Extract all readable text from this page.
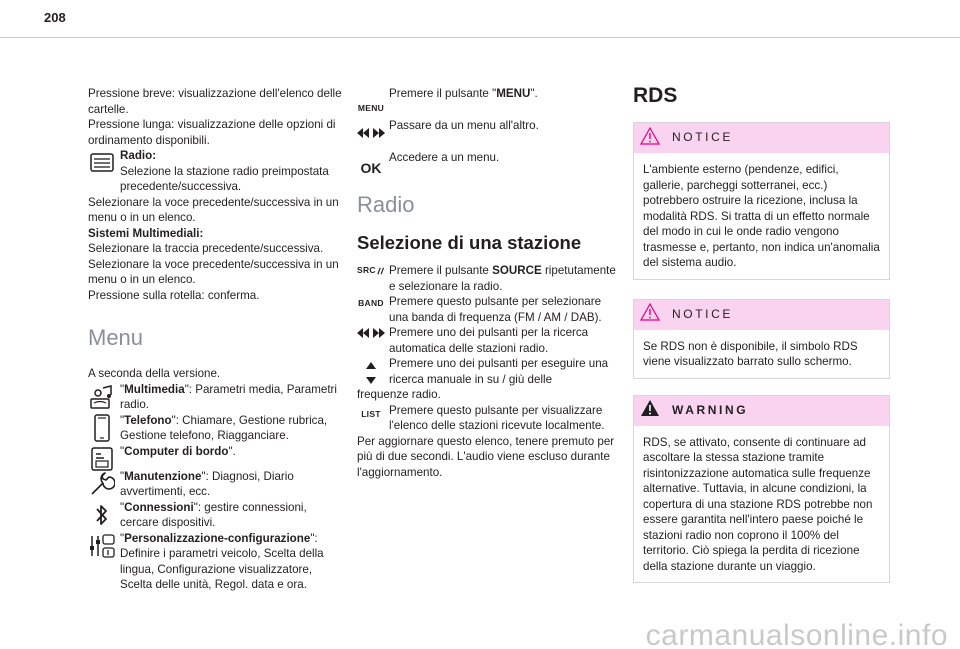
208

Pressione breve: visualizzazione dell'elenco delle cartelle.

Pressione lunga: visualizzazione delle opzioni di ordinamento disponibili.

Radio:

Selezione la stazione radio preimpostata precedente/successiva.

Selezionare la voce precedente/successiva in un menu o in un elenco.

Sistemi Multimediali:

Selezionare la traccia precedente/successiva.

Selezionare la voce precedente/successiva in un menu o in un elenco.

Pressione sulla rotella: conferma.

Menu

A seconda della versione.

"Multimedia": Parametri media, Parametri radio.

"Telefono": Chiamare, Gestione rubrica, Gestione telefono, Riagganciare.

"Computer di bordo".

"Manutenzione": Diagnosi, Diario avvertimenti, ecc.

"Connessioni": gestire connessioni, cercare dispositivi.

"Personalizzazione-configurazione":

Definire i parametri veicolo, Scelta della lingua, Configurazione visualizzatore, Scelta delle unità, Regol. data e ora.

MENU

Premere il pulsante "MENU".

Passare da un menu all'altro.

OK

Accedere a un menu.

Radio
Selezione di una stazione
SRC Premere il pulsante SOURCE ripetutamente e selezionare la radio.

BAND Premere questo pulsante per selezionare una banda di frequenza (FM / AM / DAB).

Premere uno dei pulsanti per la ricerca automatica delle stazioni radio.

Premere uno dei pulsanti per eseguire una ricerca manuale in su / giù delle

frequenze radio.

LIST Premere questo pulsante per visualizzare l'elenco delle stazioni ricevute localmente.

Per aggiornare questo elenco, tenere premuto per più di due secondi. L'audio viene escluso durante l'aggiornamento.

RDS
NOTICE

L'ambiente esterno (pendenze, edifici, gallerie, parcheggi sotterranei, ecc.) potrebbero ostruire la ricezione, inclusa la modalità RDS. Si tratta di un effetto normale del modo in cui le onde radio vengono trasmesse e, pertanto, non indica un'anomalia del sistema audio.

NOTICE

Se RDS non è disponibile, il simbolo RDS viene visualizzato barrato sullo schermo.

WARNING

RDS, se attivato, consente di continuare ad ascoltare la stessa stazione tramite risintonizzazione automatica sulle frequenze alternative. Tuttavia, in alcune condizioni, la copertura di una stazione RDS potrebbe non essere garantita nell'intero paese poiché le stazioni radio non coprono il 100% del territorio. Ciò spiega la perdita di ricezione della stazione durante un viaggio.

carmanualsonline.info
